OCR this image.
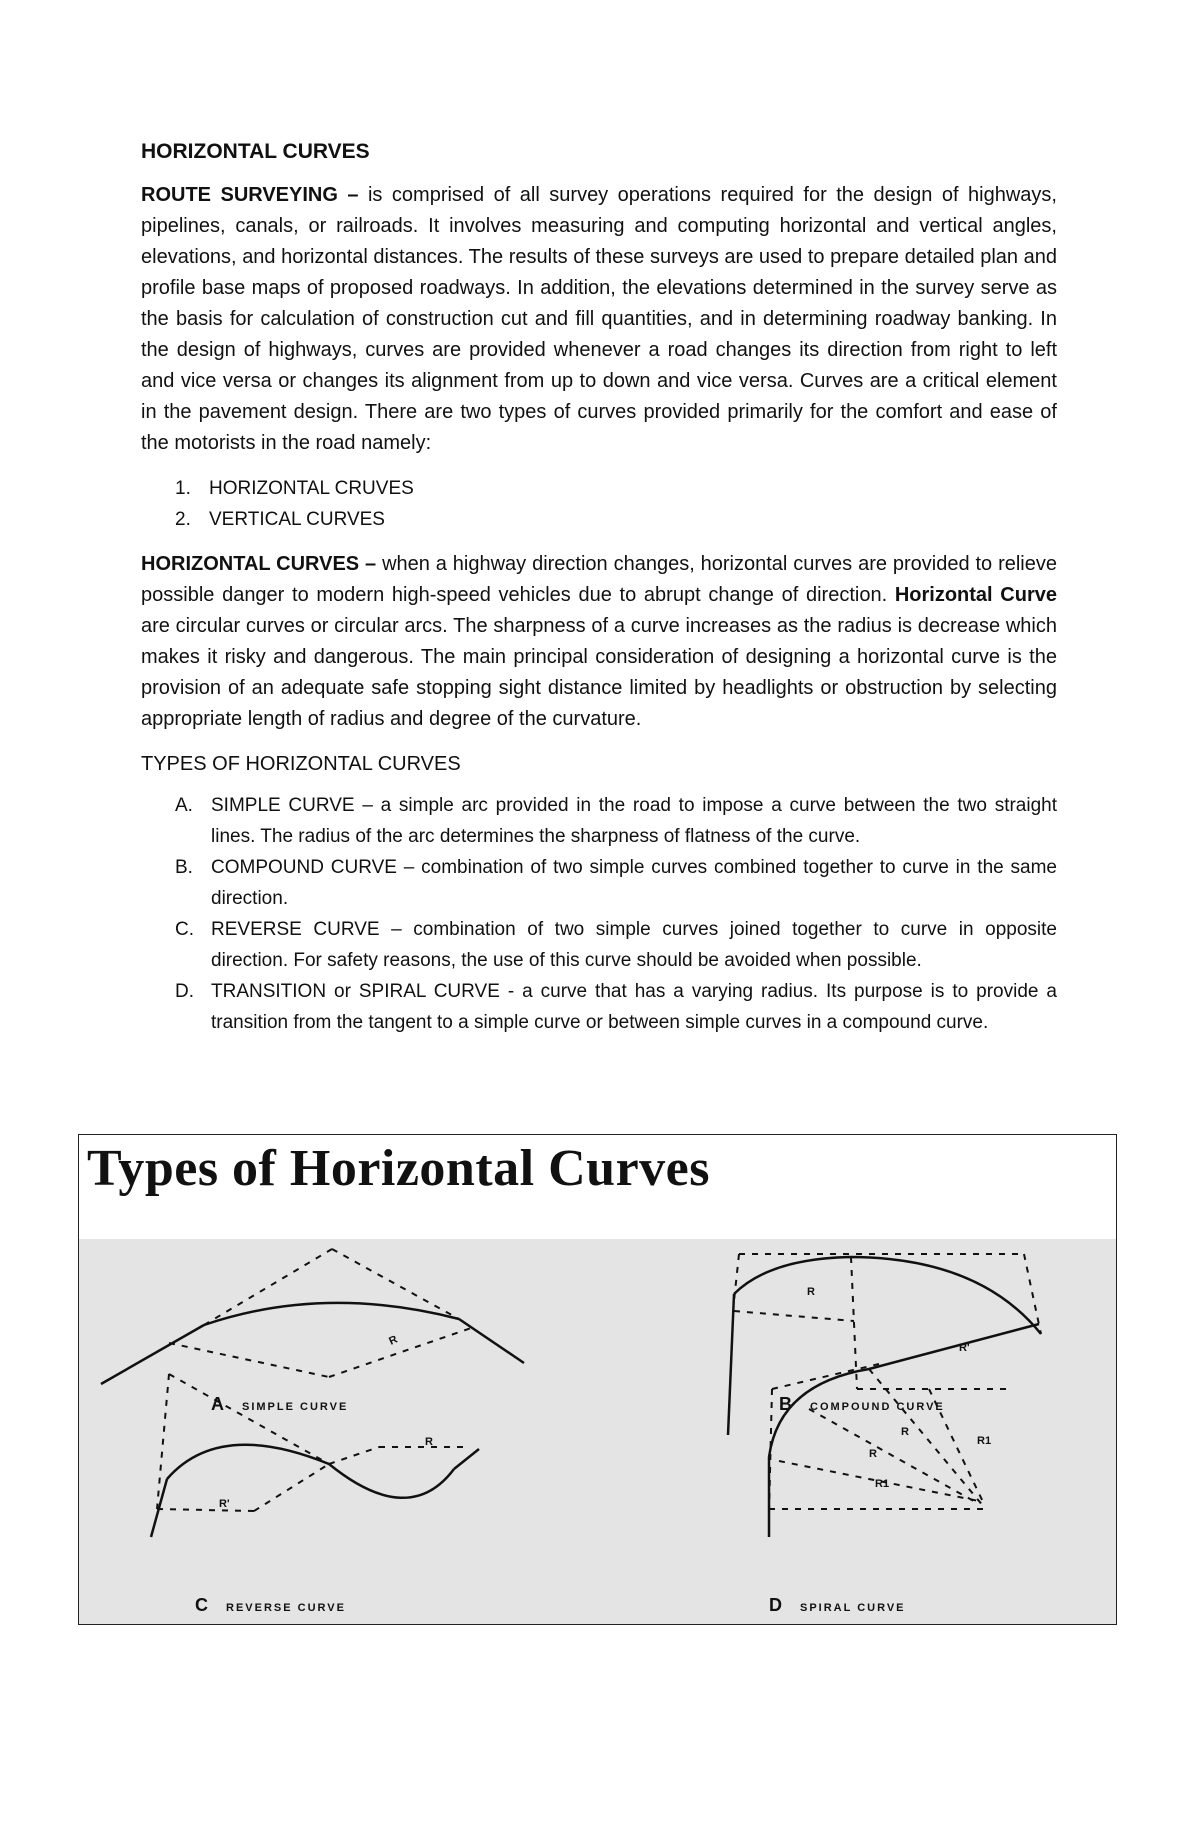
HORIZONTAL CURVES

ROUTE SURVEYING – is comprised of all survey operations required for the design of highways, pipelines, canals, or railroads. It involves measuring and computing horizontal and vertical angles, elevations, and horizontal distances. The results of these surveys are used to prepare detailed plan and profile base maps of proposed roadways. In addition, the elevations determined in the survey serve as the basis for calculation of construction cut and fill quantities, and in determining roadway banking. In the design of highways, curves are provided whenever a road changes its direction from right to left and vice versa or changes its alignment from up to down and vice versa. Curves are a critical element in the pavement design. There are two types of curves provided primarily for the comfort and ease of the motorists in the road namely:

1. HORIZONTAL CRUVES
2. VERTICAL CURVES

HORIZONTAL CURVES – when a highway direction changes, horizontal curves are provided to relieve possible danger to modern high-speed vehicles due to abrupt change of direction. Horizontal Curve are circular curves or circular arcs. The sharpness of a curve increases as the radius is decrease which makes it risky and dangerous. The main principal consideration of designing a horizontal curve is the provision of an adequate safe stopping sight distance limited by headlights or obstruction by selecting appropriate length of radius and degree of the curvature.

TYPES OF HORIZONTAL CURVES
A. SIMPLE CURVE – a simple arc provided in the road to impose a curve between the two straight lines. The radius of the arc determines the sharpness of flatness of the curve.
B. COMPOUND CURVE – combination of two simple curves combined together to curve in the same direction.
C. REVERSE CURVE – combination of two simple curves joined together to curve in opposite direction. For safety reasons, the use of this curve should be avoided when possible.
D. TRANSITION or SPIRAL CURVE - a curve that has a varying radius. Its purpose is to provide a transition from the tangent to a simple curve or between simple curves in a compound curve.
Types of Horizontal Curves
R
R
R'
R
R'
R
R
R1
R1
A SIMPLE CURVE	B COMPOUND CURVE
C REVERSE CURVE	D SPIRAL CURVE
